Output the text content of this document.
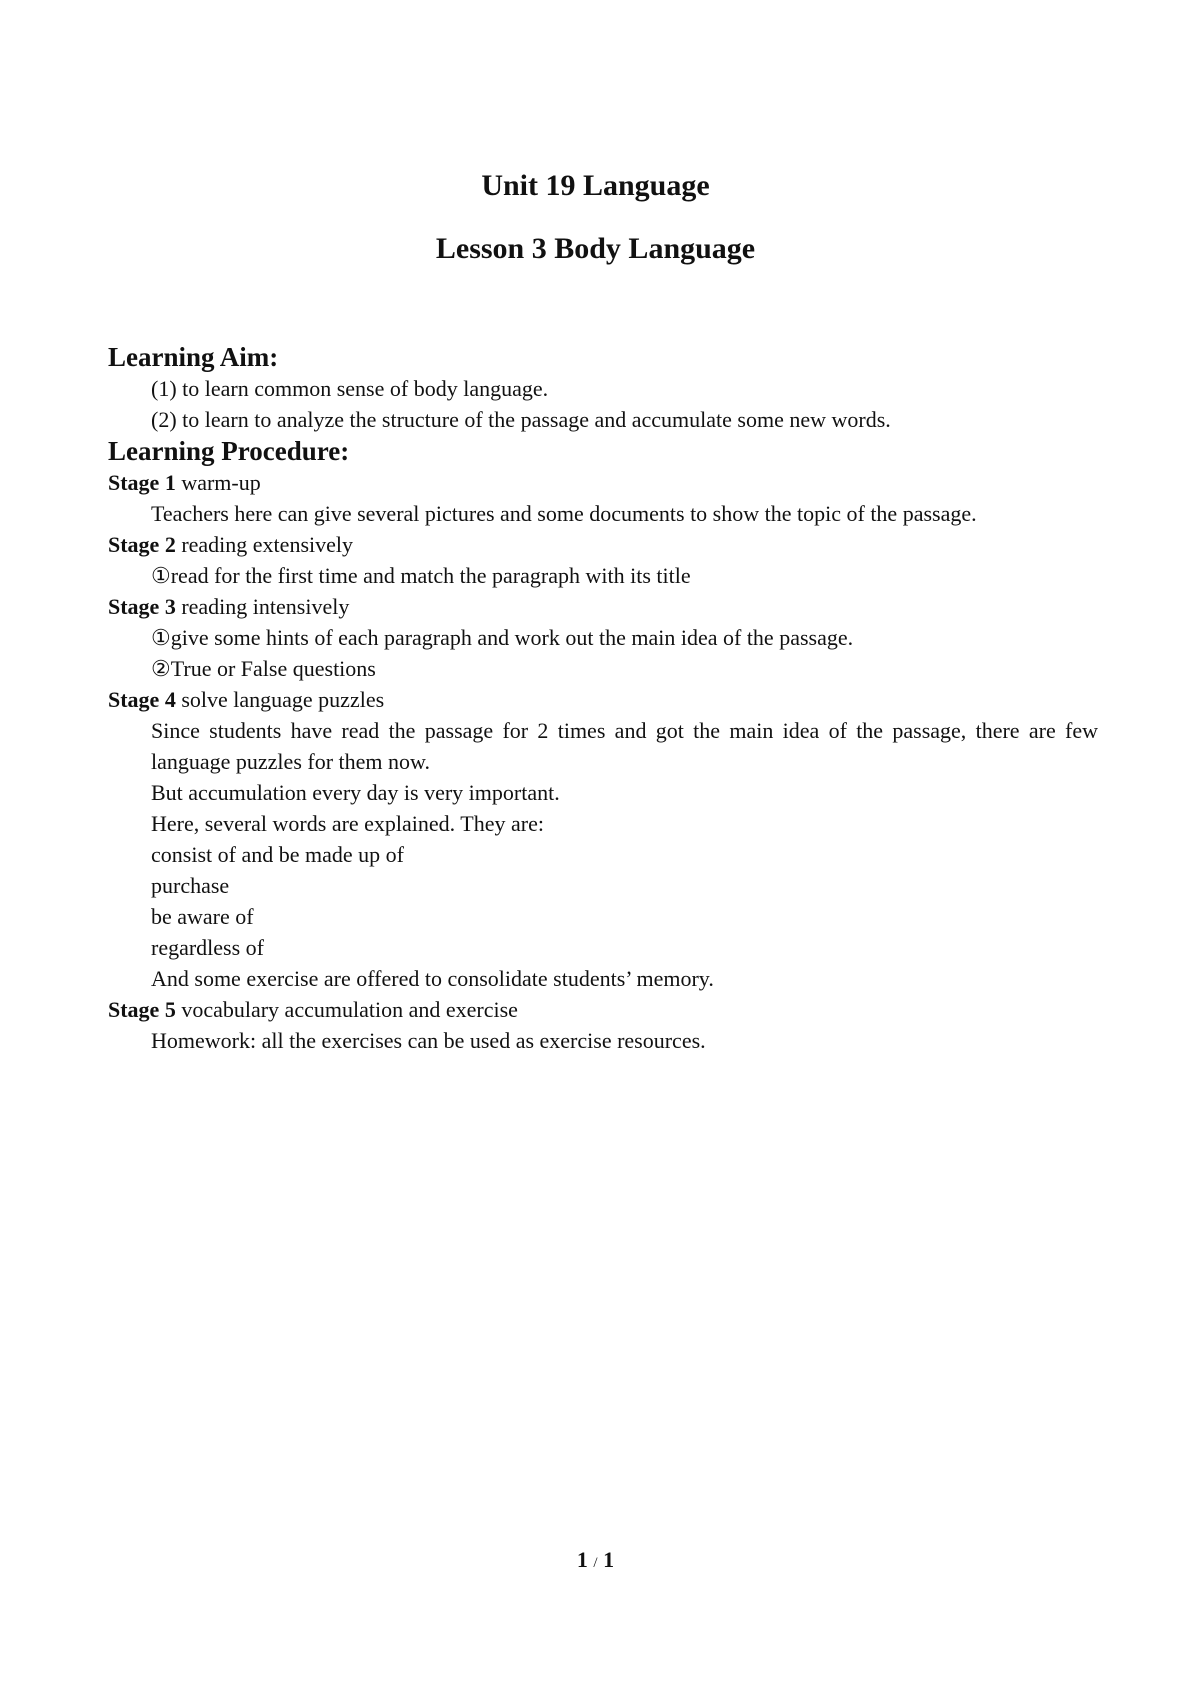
Unit 19 Language
Lesson 3 Body Language
Learning Aim:
(1) to learn common sense of body language.
(2) to learn to analyze the structure of the passage and accumulate some new words.
Learning Procedure:
Stage 1 warm-up
Teachers here can give several pictures and some documents to show the topic of the passage.
Stage 2 reading extensively
①read for the first time and match the paragraph with its title
Stage 3 reading intensively
①give some hints of each paragraph and work out the main idea of the passage.
②True or False questions
Stage 4 solve language puzzles
Since students have read the passage for 2 times and got the main idea of the passage, there are few language puzzles for them now.
But accumulation every day is very important.
Here, several words are explained. They are:
consist of and be made up of
purchase
be aware of
regardless of
And some exercise are offered to consolidate students’ memory.
Stage 5 vocabulary accumulation and exercise
Homework: all the exercises can be used as exercise resources.
1 / 1
